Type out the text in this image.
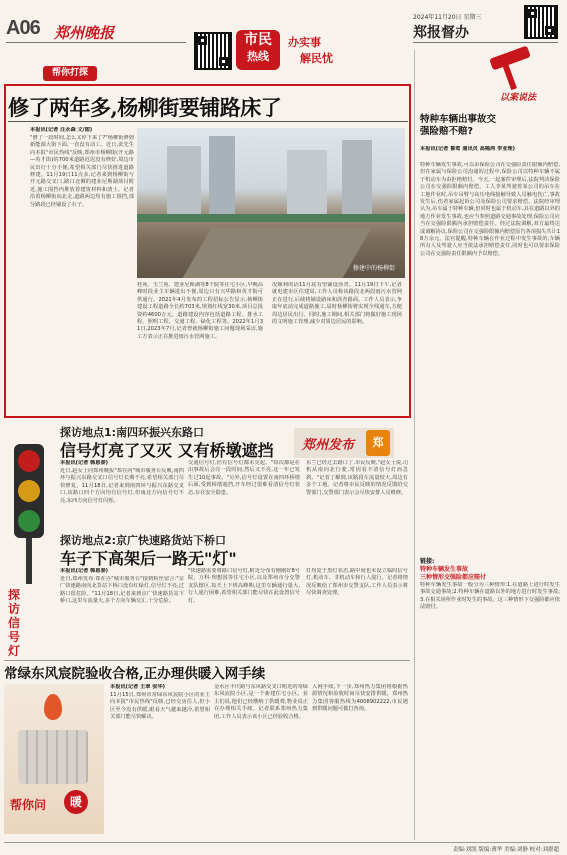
A06 郑州晚报	市民
热线
办实事
解民忧
2024年11月20日 星期三
郑报督办
帮你打探
修了两年多,杨柳街要铺路床了
本报讯(记者 汪永森 文/图)
"修了一段时间,怎么又停下来了?"杨柳街修到新能源大街下面,一直没有动工。近日,张先生向本报"市民热线"反映,郑州市杨柳街(开元路—英才街)的700米道路迟迟没有修好,周边市民出行十分不便,希望相关部门尽快推进道路修建。11月19日11点多,记者来到杨柳街与开元路交叉口,路口北侧的建业尼斯湖项目附近,施工围挡内堆放着建筑材料和渣土。记者沿着杨柳街向北走,道路两边均有施工围挡,部分路段已经铺设了石子。
修建中的杨柳街
桂苑、玉兰苑、建业尼斯湖等8个院等住宅小区,早晚高峰时段业主车辆进出不便,周边只有兴华路和英才街可供通行。2021年4月发布的工程招标公告显示,杨柳街建设工程道路全长约703米,规划红线宽30米,项目总投资约4600万元。道路建设内容包括道路工程、排水工程、照明工程、交通工程、绿化工程等。2022年1月31日,2023年7月,记者曾就杨柳街施工问题现场采访,施工方表示正在推进雨污水管网施工。
况顺利的话11月底有望铺设沥青。11月19日下午,记者就电建市区住建局,工作人员称该路段北两段雨污水管网正在进行,后续将铺设路床和沥青路面。工作人员表示,争取年底前完成道路施工,届时杨柳街将实现全线通车,方便周边居民出行。同时,施工期间,相关部门将做好施工现场的文明施工管理,减少对周边居民的影响。
探访地点1:南四环振兴东路口
信号灯亮了又灭 又有桥墩遮挡 郑州发布	郑
探访信号灯
本报讯(记者 韩恩泰)
近日,赵女士向郑州晚报"郑在问"城市服务台反映,南四环与振兴东路交叉口信号灯长期不亮,希望相关部门尽快修复。11月18日,记者来到南四环与振兴东路交叉口,该路口四个方向均有信号灯,但南北方向信号灯不亮,东西方向信号灯闪烁。
交通信号灯,但有信号灯都未亮起。"每次都是在出事故后会亮一段时间,然后又不亮,这一年已发生过10起事故。"另外,信号灯设置在南四环桥墩后面,受到桥墩遮挡,开车经过很难看清信号灯状态,存在安全隐患。
东兰已经过去路口了,市民反映,"赵女士说,司机从南向北行驶,常因看不清信号灯而急刹。"记者了解到,该路段车流量较大,周边有多个工地。记者将市民反映的情况反馈给交警部门,交警部门表示会尽快安排人员维修。
探访地点2:京广快速路货站下桥口
车子下高架后一路无"灯"
本报讯(记者 韩恩泰)
近日,郑州发布·郑在办"城市服务台"接到粉丝留言:"京广快速路南向北货站下桥口没有红绿灯,信号灯不亮,过路口很危险。"11月18日,记者来到京广快速路货站下桥口,这里车流量大,多个方向车辆交汇,十分危险。
"快速路需要将路口信号灯,附近分布有刚刚好8号院、万科·理想国等住宅小区,以及郑州市分交警支队辖区,每天上下班高峰期,这里车辆通行量大,行人通行困难,希望相关部门能尽快在此设置信号灯。
灯均处于黑灯状态,路中间也未设立临时信号灯,机动车、非机动车和行人混行。记者将情况反映给了郑州市交警支队,工作人员表示将尽快调查处理。
常绿东风宸院验收合格,正办理供暖入网手续
帮你问	暖
本报讯(记者 王翠 张华)
11月15日,郑州市常绿东风宸院小区的业主向本报"市民热线"反映,已经交房住人,但小区至今没有供暖,眼看天气越来越冷,希望相关部门能尽快解决。
金水区丰庆路与东风路交叉口附近的常绿东风宸院小区,是一个新建住宅小区。业主们说,他们已经缴纳了供暖费,物业说正在办理相关手续。记者联系郑州热力集团,工作人员表示该小区已经验收合格。
入网手续,下一步,郑州热力集团将根据热源情况和验收时间尽快安排供暖。郑州热力集团客服热线为4008902222,市民遇到供暖问题可拨打咨询。
以案说法
特种车辆出事故交强险赔不赔?
本报讯(记者 鲁莺 通讯员 高稀鸿 李亚理)
特种车辆发生事故,可以由保险公司在交强险责任限额内赔偿,但在家属与保险公司沟通的过程中,保险公司以特种车辆不属于机动车为由拒绝赔付。今天,一起案件审理后,法院判决保险公司在交强险限额内赔偿。工人李某驾驶着某公司的吊车在工地作业时,吊车吊臂与高压电线接触导致人员触电伤亡,事故发生后,伤者家属起诉公司及保险公司要求赔偿。法院经审理认为,吊车属于特种车辆,但同时也属于机动车,其在道路以外的地方作业发生事故,也应当参照道路交通事故处理,保险公司应当在交强险限额内承担赔偿责任。经过法院调解,双方最终达成调解协议,保险公司在交强险限额内赔偿原告各项损失共计18万余元。法官提醒,特种车辆在作业过程中发生事故的,车辆所有人及驾驶人应当依法承担赔偿责任,同时也可以要求保险公司在交强险责任限额内予以赔偿。
链接:
特种车辆发生事故
三种情形交强险都应赔付
特种车辆发生事故一般分为三种情形:1.在道路上进行时发生事故交通事故;2.特种车辆在道路以外的地方进行时发生事故;3.在相关场所作业时发生的事故。这三种情形下交强险都应依法赔付。
责编:刘凯 版编:薄华 美编:刘静 校对:刘群超
